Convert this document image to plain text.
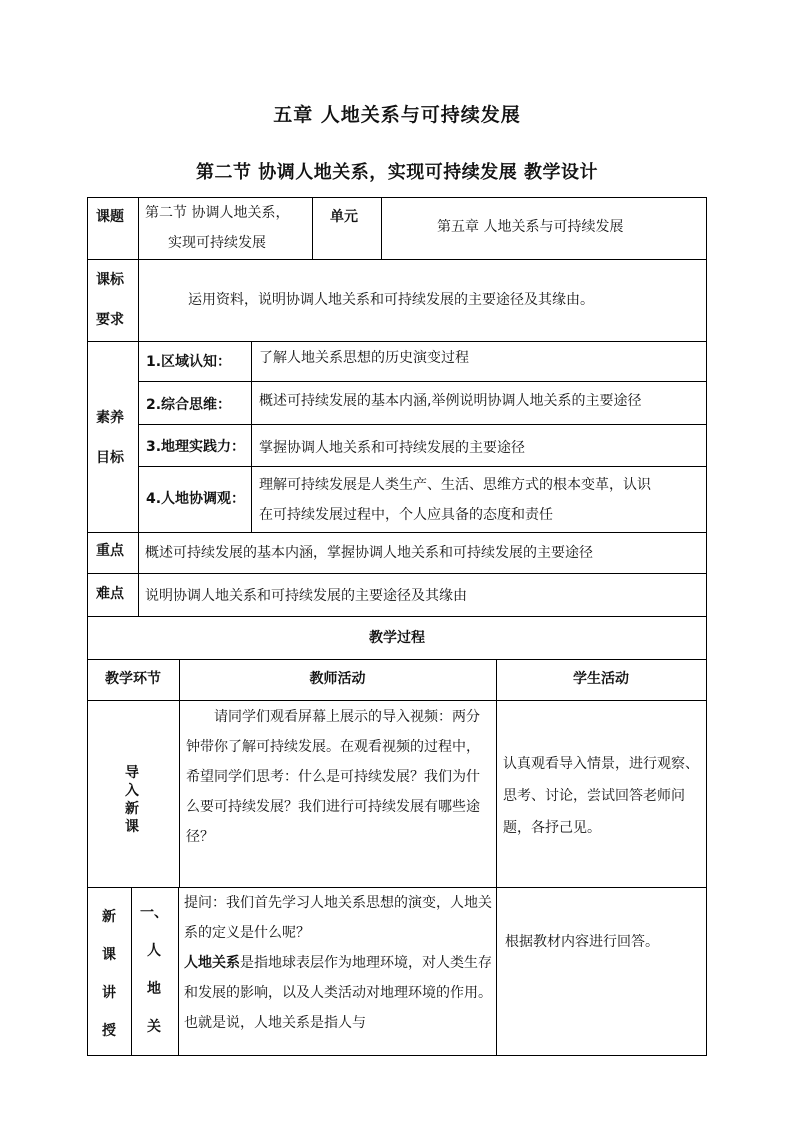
五章 人地关系与可持续发展
第二节 协调人地关系，实现可持续发展 教学设计
课题 第二节 协调人地关系，
实现可持续发展
单元
第五章 人地关系与可持续发展
课标
要求
运用资料，说明协调人地关系和可持续发展的主要途径及其缘由。
素养
目标
1.区域认知： 了解人地关系思想的历史演变过程
2.综合思维： 概述可持续发展的基本内涵,举例说明协调人地关系的主要途径
3.地理实践力： 掌握协调人地关系和可持续发展的主要途径
4.人地协调观：
理解可持续发展是人类生产、生活、思维方式的根本变革，认识
在可持续发展过程中，个人应具备的态度和责任
重点 概述可持续发展的基本内涵，掌握协调人地关系和可持续发展的主要途径
难点 说明协调人地关系和可持续发展的主要途径及其缘由
教学过程
教学环节	教师活动	学生活动
导入新课
请同学们观看屏幕上展示的导入视频：两分钟带你了解可持续发展。在观看视频的过程中，希望同学们思考：什么是可持续发展？我们为什么要可持续发展？我们进行可持续发展有哪些途径？
认真观看导入情景，进行观察、思考、讨论，尝试回答老师问题，各抒己见。
新课讲授
一、
人地关
提问：我们首先学习人地关系思想的演变，人地关系的定义是什么呢？
人地关系是指地球表层作为地理环境，对人类生存和发展的影响，以及人类活动对地理环境的作用。也就是说，人地关系是指人与
根据教材内容进行回答。
